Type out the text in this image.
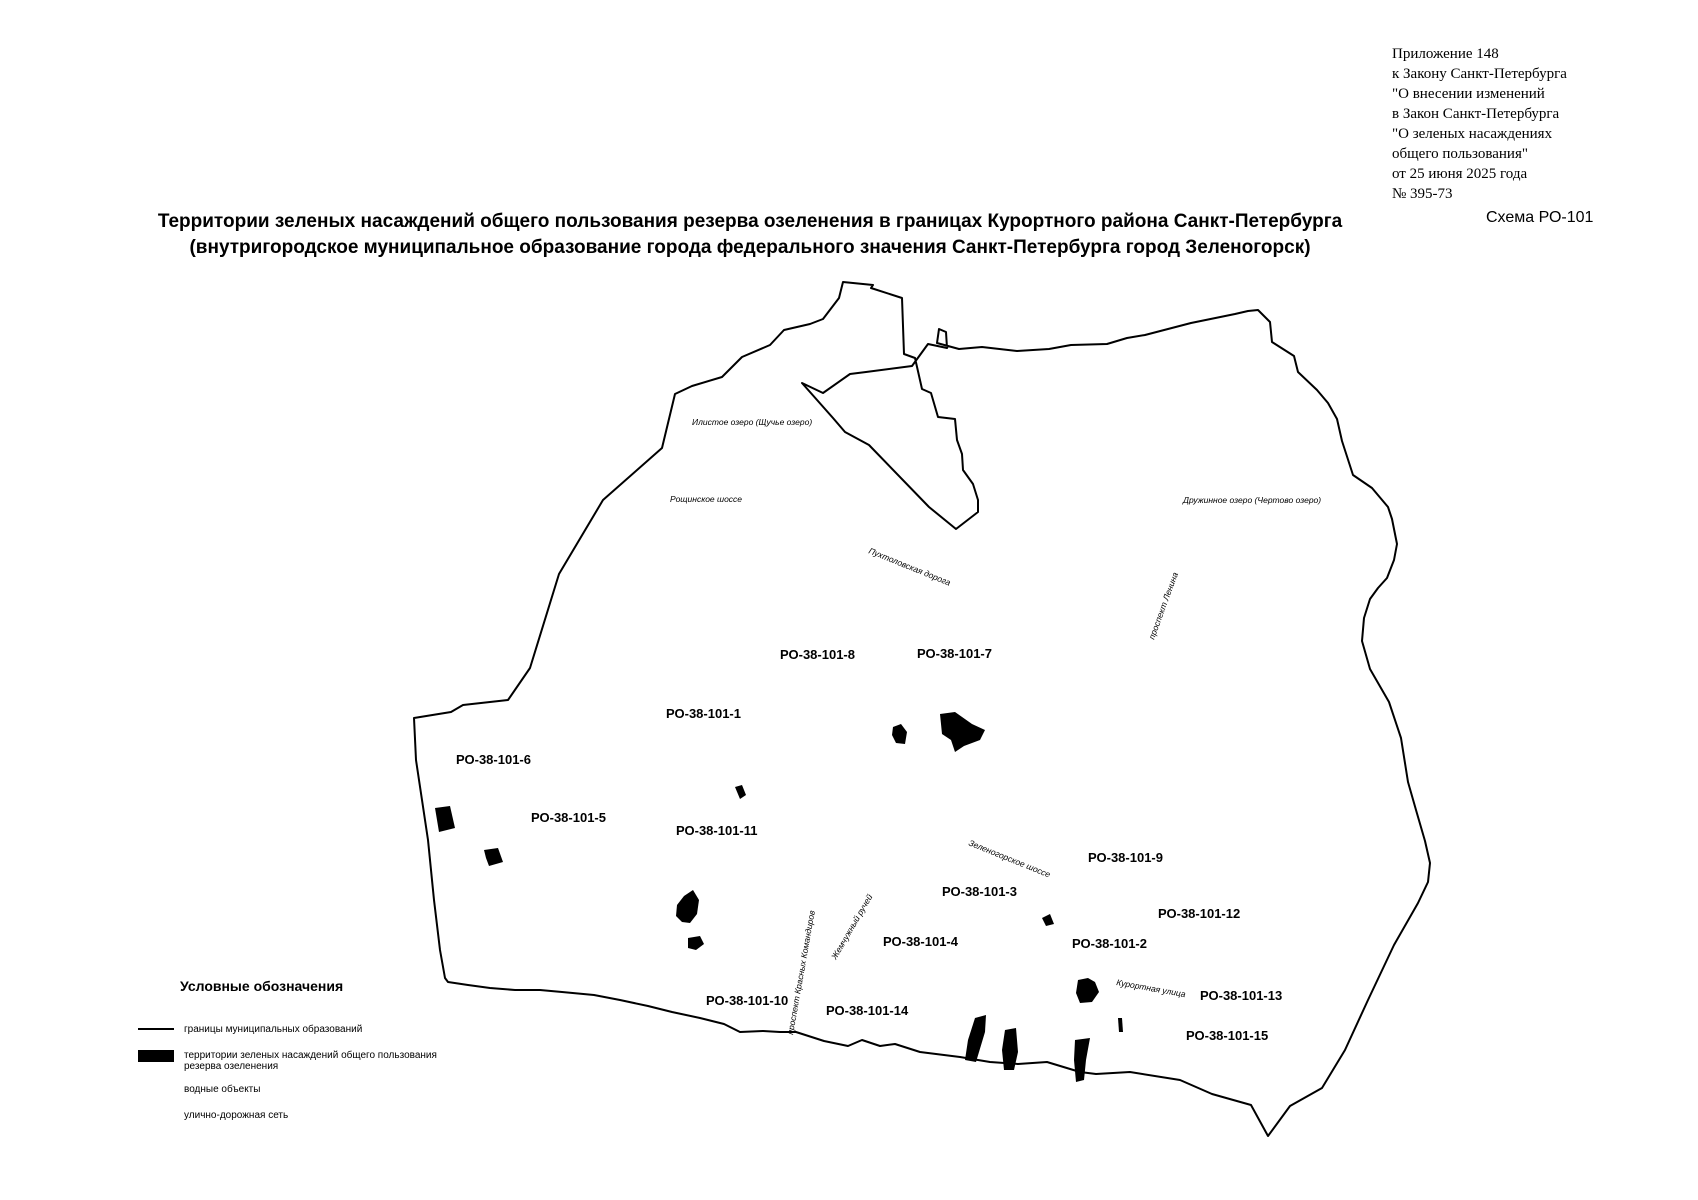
Приложение 148
к Закону Санкт-Петербурга
"О внесении изменений
в Закон Санкт-Петербурга
"О зеленых насаждениях
общего пользования"
от 25 июня 2025 года
№ 395-73
Территории зеленых насаждений общего пользования резерва озеленения в границах Курортного района Санкт-Петербурга
(внутригородское муниципальное образование города федерального значения Санкт-Петербурга город Зеленогорск)
Схема РО-101
РО-38-101-8	РО-38-101-7
РО-38-101-1
РО-38-101-6
РО-38-101-5
РО-38-101-11
РО-38-101-9
РО-38-101-3
РО-38-101-12
РО-38-101-4	РО-38-101-2
РО-38-101-13
РО-38-101-10
РО-38-101-14
РО-38-101-15
Илистое озеро (Щучье озеро)
Рощинское шоссе	Дружинное озеро (Чертово озеро)
Пухтоловская дорога
проспект Ленина
Зеленогорское шоссе
Жемчужный ручей
проспект Красных Командиров	Курортная улица
Условные обозначения
границы муниципальных образований
территории зеленых насаждений общего пользования резерва озеленения
водные объекты
улично-дорожная сеть
